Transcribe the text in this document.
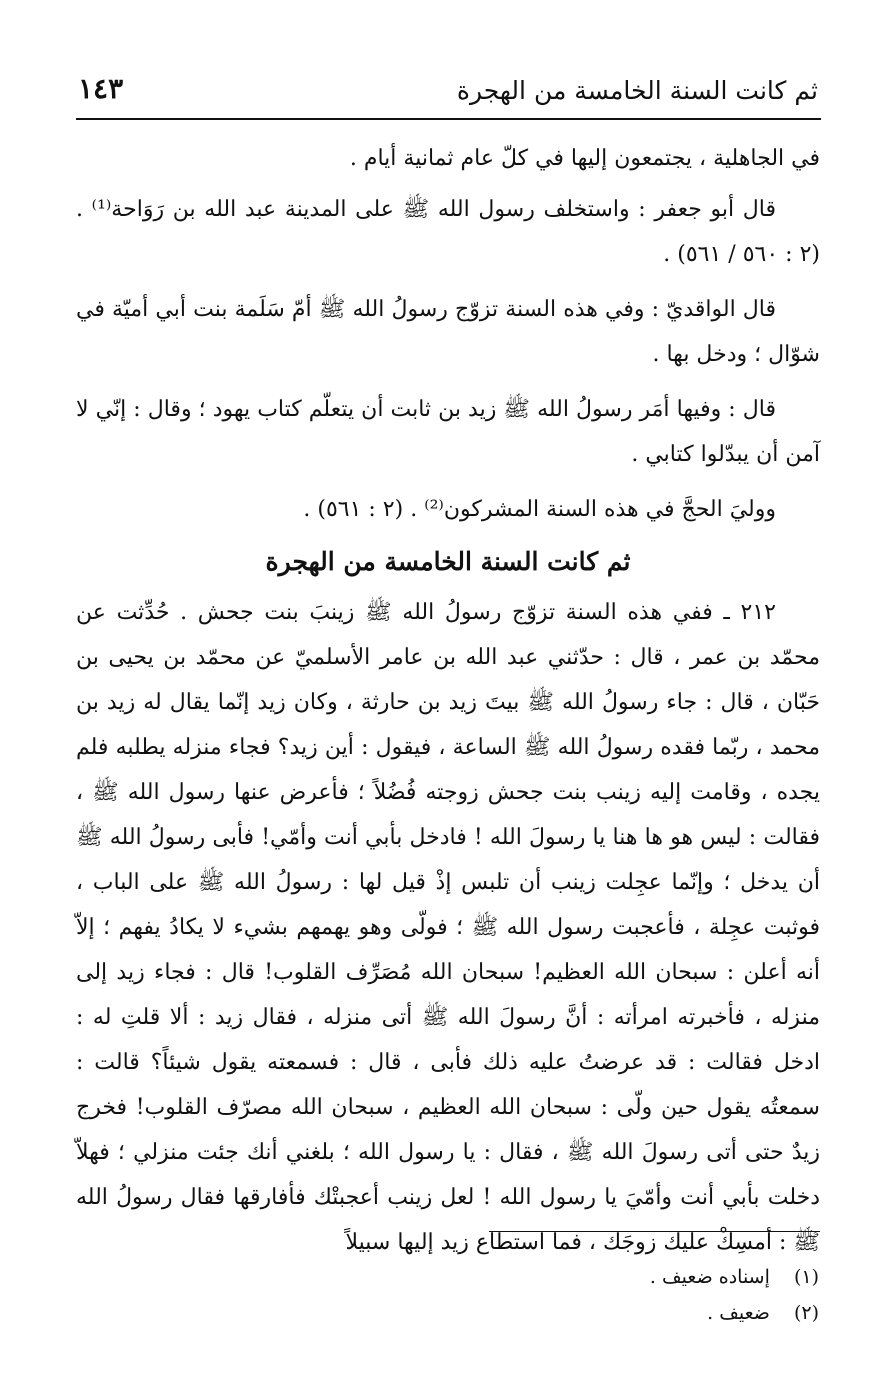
ثم كانت السنة الخامسة من الهجرة
١٤٣

في الجاهلية ، يجتمعون إليها في كلّ عام ثمانية أيام .

قال أبو جعفر : واستخلف رسول الله ﷺ على المدينة عبد الله بن رَوَاحة⁽¹⁾ . (٢ : ٥٦٠ / ٥٦١) .

قال الواقديّ : وفي هذه السنة تزوّج رسولُ الله ﷺ أمّ سَلَمة بنت أبي أميّة في شوّال ؛ ودخل بها .

قال : وفيها أمَر رسولُ الله ﷺ زيد بن ثابت أن يتعلّم كتاب يهود ؛ وقال : إنّي لا آمن أن يبدّلوا كتابي .

ووليَ الحجَّ في هذه السنة المشركون⁽²⁾ . (٢ : ٥٦١) .

ثم كانت السنة الخامسة من الهجرة

٢١٢ ـ ففي هذه السنة تزوّج رسولُ الله ﷺ زينبَ بنت جحش . حُدِّثت عن محمّد بن عمر ، قال : حدّثني عبد الله بن عامر الأسلميّ عن محمّد بن يحيى بن حَبّان ، قال : جاء رسولُ الله ﷺ بيتَ زيد بن حارثة ، وكان زيد إنّما يقال له زيد بن محمد ، ربّما فقده رسولُ الله ﷺ الساعة ، فيقول : أين زيد؟ فجاء منزله يطلبه فلم يجده ، وقامت إليه زينب بنت جحش زوجته فُضُلاً ؛ فأعرض عنها رسول الله ﷺ ، فقالت : ليس هو ها هنا يا رسولَ الله ! فادخل بأبي أنت وأمّي! فأبى رسولُ الله ﷺ أن يدخل ؛ وإنّما عجِلت زينب أن تلبس إذْ قيل لها : رسولُ الله ﷺ على الباب ، فوثبت عجِلة ، فأعجبت رسول الله ﷺ ؛ فولّى وهو يهمهم بشيء لا يكادُ يفهم ؛ إلاّ أنه أعلن : سبحان الله العظيم! سبحان الله مُصَرِّف القلوب! قال : فجاء زيد إلى منزله ، فأخبرته امرأته : أنَّ رسولَ الله ﷺ أتى منزله ، فقال زيد : ألا قلتِ له : ادخل فقالت : قد عرضتُ عليه ذلك فأبى ، قال : فسمعته يقول شيئاً؟ قالت : سمعتُه يقول حين ولّى : سبحان الله العظيم ، سبحان الله مصرّف القلوب! فخرج زيدٌ حتى أتى رسولَ الله ﷺ ، فقال : يا رسول الله ؛ بلغني أنك جئت منزلي ؛ فهلاّ دخلت بأبي أنت وأمّيَ يا رسول الله ! لعل زينب أعجبتْك فأفارقها فقال رسولُ الله ﷺ : أمسِكْ عليك زوجَك ، فما استطاع زيد إليها سبيلاً

(١) إسناده ضعيف .
(٢) ضعيف .
